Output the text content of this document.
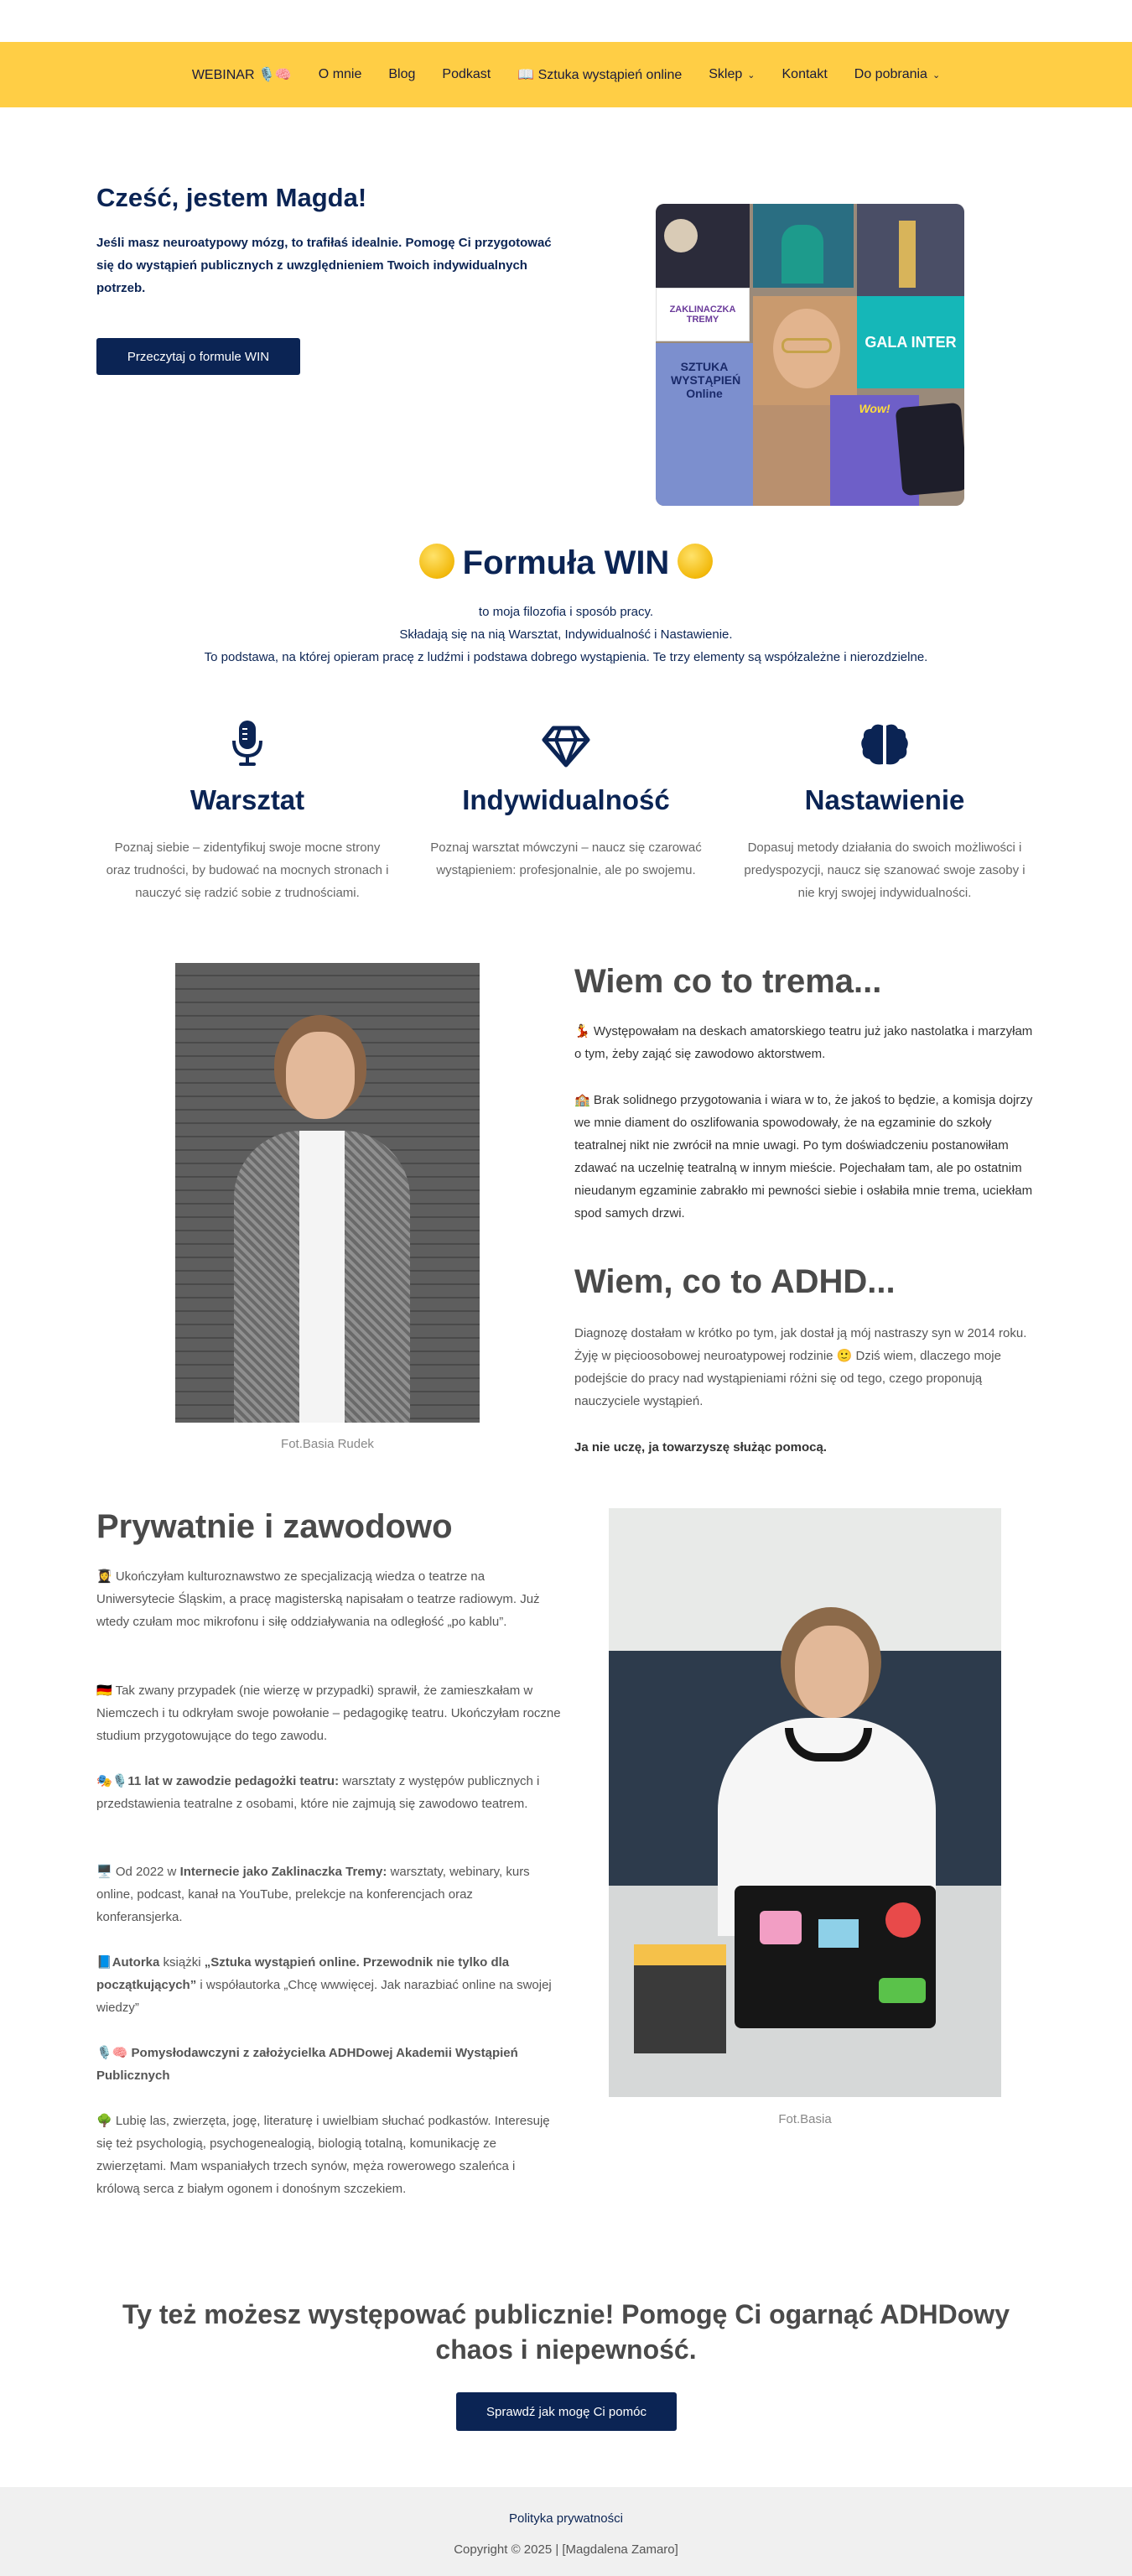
WEBINAR 🎙️🧠 O mnie Blog Podkast 📖 Sztuka wystąpień online Sklep ⌄ Kontakt Do pobrania ⌄
Cześć, jestem Magda!

Jeśli masz neuroatypowy mózg, to trafiłaś idealnie. Pomogę Ci przygotować się do wystąpień publicznych z uwzględnieniem Twoich indywidualnych potrzeb.

Przeczytaj o formule WIN
ZAKLINACZKA TREMY
GALA INTER
SZTUKA WYSTĄPIEŃ Online
Wow!
Formuła WIN
to moja filozofia i sposób pracy.
Składają się na nią Warsztat, Indywidualność i Nastawienie.
To podstawa, na której opieram pracę z ludźmi i podstawa dobrego wystąpienia. Te trzy elementy są współzależne i nierozdzielne.
Warsztat

Poznaj siebie – zidentyfikuj swoje mocne strony oraz trudności, by budować na mocnych stronach i nauczyć się radzić sobie z trudnościami.

Indywidualność

Poznaj warsztat mówczyni – naucz się czarować wystąpieniem: profesjonalnie, ale po swojemu.

Nastawienie

Dopasuj metody działania do swoich możliwości i predyspozycji, naucz się szanować swoje zasoby i nie kryj swojej indywidualności.

Fot.Basia Rudek
Wiem co to trema...

💃 Występowałam na deskach amatorskiego teatru już jako nastolatka i marzyłam o tym, żeby zająć się zawodowo aktorstwem.

🏫 Brak solidnego przygotowania i wiara w to, że jakoś to będzie, a komisja dojrzy we mnie diament do oszlifowania spowodowały, że na egzaminie do szkoły teatralnej nikt nie zwrócił na mnie uwagi. Po tym doświadczeniu postanowiłam zdawać na uczelnię teatralną w innym mieście. Pojechałam tam, ale po ostatnim nieudanym egzaminie zabrakło mi pewności siebie i osłabiła mnie trema, uciekłam spod samych drzwi.

Wiem, co to ADHD...

Diagnozę dostałam w krótko po tym, jak dostał ją mój nastraszy syn w 2014 roku. Żyję w pięcioosobowej neuroatypowej rodzinie 🙂 Dziś wiem, dlaczego moje podejście do pracy nad wystąpieniami różni się od tego, czego proponują nauczyciele wystąpień.

Ja nie uczę, ja towarzyszę służąc pomocą.

Prywatnie i zawodowo

👩‍🎓 Ukończyłam kulturoznawstwo ze specjalizacją wiedza o teatrze na Uniwersytecie Śląskim, a pracę magisterską napisałam o teatrze radiowym. Już wtedy czułam moc mikrofonu i siłę oddziaływania na odległość „po kablu”.

🇩🇪 Tak zwany przypadek (nie wierzę w przypadki) sprawił, że zamieszkałam w Niemczech i tu odkryłam swoje powołanie – pedagogikę teatru. Ukończyłam roczne studium przygotowujące do tego zawodu.

🎭🎙️11 lat w zawodzie pedagożki teatru: warsztaty z występów publicznych i przedstawienia teatralne z osobami, które nie zajmują się zawodowo teatrem.

🖥️ Od 2022 w Internecie jako Zaklinaczka Tremy: warsztaty, webinary, kurs online, podcast, kanał na YouTube, prelekcje na konferencjach oraz konferansjerka.

📘Autorka książki „Sztuka wystąpień online. Przewodnik nie tylko dla początkujących” i współautorka „Chcę wwwięcej. Jak narazbiać online na swojej wiedzy”

🎙️🧠 Pomysłodawczyni z założycielka ADHDowej Akademii Wystąpień Publicznych

🌳 Lubię las, zwierzęta, jogę, literaturę i uwielbiam słuchać podkastów. Interesuję się też psychologią, psychogenealogią, biologią totalną, komunikację ze zwierzętami. Mam wspaniałych trzech synów, męża rowerowego szaleńca i królową serca z białym ogonem i donośnym szczekiem.

Fot.Basia
Ty też możesz występować publicznie! Pomogę Ci ogarnąć ADHDowy
chaos i niepewność.
Sprawdź jak mogę Ci pomóc
Polityka prywatności
Copyright © 2025 | [Magdalena Zamaro]
